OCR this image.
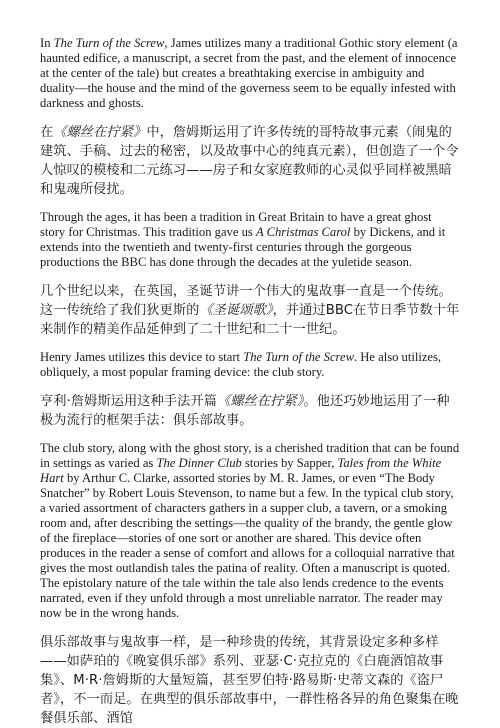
In The Turn of the Screw, James utilizes many a traditional Gothic story element (a haunted edifice, a manuscript, a secret from the past, and the element of innocence at the center of the tale) but creates a breathtaking exercise in ambiguity and duality—the house and the mind of the governess seem to be equally infested with darkness and ghosts.

在《螺丝在拧紧》中，詹姆斯运用了许多传统的哥特故事元素（闹鬼的建筑、手稿、过去的秘密，以及故事中心的纯真元素），但创造了一个令人惊叹的模棱和二元练习——房子和女家庭教师的心灵似乎同样被黑暗和鬼魂所侵扰。

Through the ages, it has been a tradition in Great Britain to have a great ghost story for Christmas. This tradition gave us A Christmas Carol by Dickens, and it extends into the twentieth and twenty-first centuries through the gorgeous productions the BBC has done through the decades at the yuletide season.

几个世纪以来，在英国，圣诞节讲一个伟大的鬼故事一直是一个传统。这一传统给了我们狄更斯的《圣诞颂歌》，并通过BBC在节日季节数十年来制作的精美作品延伸到了二十世纪和二十一世纪。

Henry James utilizes this device to start The Turn of the Screw. He also utilizes, obliquely, a most popular framing device: the club story.

亨利·詹姆斯运用这种手法开篇《螺丝在拧紧》。他还巧妙地运用了一种极为流行的框架手法：俱乐部故事。

The club story, along with the ghost story, is a cherished tradition that can be found in settings as varied as The Dinner Club stories by Sapper, Tales from the White Hart by Arthur C. Clarke, assorted stories by M. R. James, or even “The Body Snatcher” by Robert Louis Stevenson, to name but a few. In the typical club story, a varied assortment of characters gathers in a supper club, a tavern, or a smoking room and, after describing the settings—the quality of the brandy, the gentle glow of the fireplace—stories of one sort or another are shared. This device often produces in the reader a sense of comfort and allows for a colloquial narrative that gives the most outlandish tales the patina of reality. Often a manuscript is quoted. The epistolary nature of the tale within the tale also lends credence to the events narrated, even if they unfold through a most unreliable narrator. The reader may now be in the wrong hands.

俱乐部故事与鬼故事一样，是一种珍贵的传统，其背景设定多种多样——如萨珀的《晚宴俱乐部》系列、亚瑟·C·克拉克的《白鹿酒馆故事集》、M·R·詹姆斯的大量短篇，甚至罗伯特·路易斯·史蒂文森的《盗尸者》，不一而足。在典型的俱乐部故事中，一群性格各异的角色聚集在晚餐俱乐部、酒馆
